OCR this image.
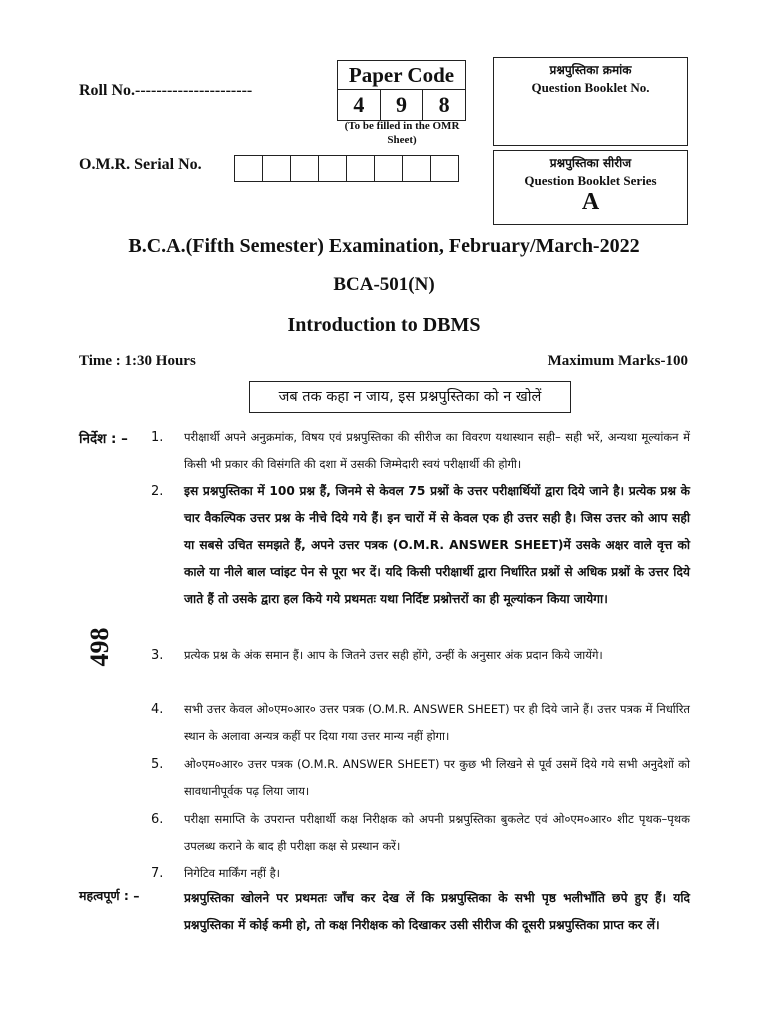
Roll No.----------------------
O.M.R. Serial No.
Paper Code
4	9	8
(To be filled in the OMR Sheet)
प्रश्नपुस्तिका क्रमांक
Question Booklet No.
प्रश्नपुस्तिका सीरीज
Question Booklet Series
A
B.C.A.(Fifth Semester) Examination, February/March-2022
BCA-501(N)
Introduction to DBMS
Time : 1:30 Hours	Maximum Marks-100
जब तक कहा न जाय, इस प्रश्नपुस्तिका को न खोलें
498
निर्देश : – 1. परीक्षार्थी अपने अनुक्रमांक, विषय एवं प्रश्नपुस्तिका की सीरीज का विवरण यथास्थान सही– सही भरें, अन्यथा मूल्यांकन में किसी भी प्रकार की विसंगति की दशा में उसकी जिम्मेदारी स्वयं परीक्षार्थी की होगी।
2. इस प्रश्नपुस्तिका में 100 प्रश्न हैं, जिनमे से केवल 75 प्रश्नों के उत्तर परीक्षार्थियों द्वारा दिये जाने है। प्रत्येक प्रश्न के चार वैकल्पिक उत्तर प्रश्न के नीचे दिये गये हैं। इन चारों में से केवल एक ही उत्तर सही है। जिस उत्तर को आप सही या सबसे उचित समझते हैं, अपने उत्तर पत्रक (O.M.R. ANSWER SHEET)में उसके अक्षर वाले वृत्त को काले या नीले बाल प्वांइट पेन से पूरा भर दें। यदि किसी परीक्षार्थी द्वारा निर्धारित प्रश्नों से अधिक प्रश्नों के उत्तर दिये जाते हैं तो उसके द्वारा हल किये गये प्रथमतः यथा निर्दिष्ट प्रश्नोत्तरों का ही मूल्यांकन किया जायेगा।
3. प्रत्येक प्रश्न के अंक समान हैं। आप के जितने उत्तर सही होंगे, उन्हीं के अनुसार अंक प्रदान किये जायेंगे।
4. सभी उत्तर केवल ओ०एम०आर० उत्तर पत्रक (O.M.R. ANSWER SHEET) पर ही दिये जाने हैं। उत्तर पत्रक में निर्धारित स्थान के अलावा अन्यत्र कहीं पर दिया गया उत्तर मान्य नहीं होगा।
5. ओ०एम०आर० उत्तर पत्रक (O.M.R. ANSWER SHEET) पर कुछ भी लिखने से पूर्व उसमें दिये गये सभी अनुदेशों को सावधानीपूर्वक पढ़ लिया जाय।
6. परीक्षा समाप्ति के उपरान्त परीक्षार्थी कक्ष निरीक्षक को अपनी प्रश्नपुस्तिका बुकलेट एवं ओ०एम०आर० शीट पृथक–पृथक उपलब्ध कराने के बाद ही परीक्षा कक्ष से प्रस्थान करें।
7. निगेटिव मार्किंग नहीं है।
महत्वपूर्ण : –	प्रश्नपुस्तिका खोलने पर प्रथमतः जाँच कर देख लें कि प्रश्नपुस्तिका के सभी पृष्ठ भलीभाँति छपे हुए हैं। यदि प्रश्नपुस्तिका में कोई कमी हो, तो कक्ष निरीक्षक को दिखाकर उसी सीरीज की दूसरी प्रश्नपुस्तिका प्राप्त कर लें।
